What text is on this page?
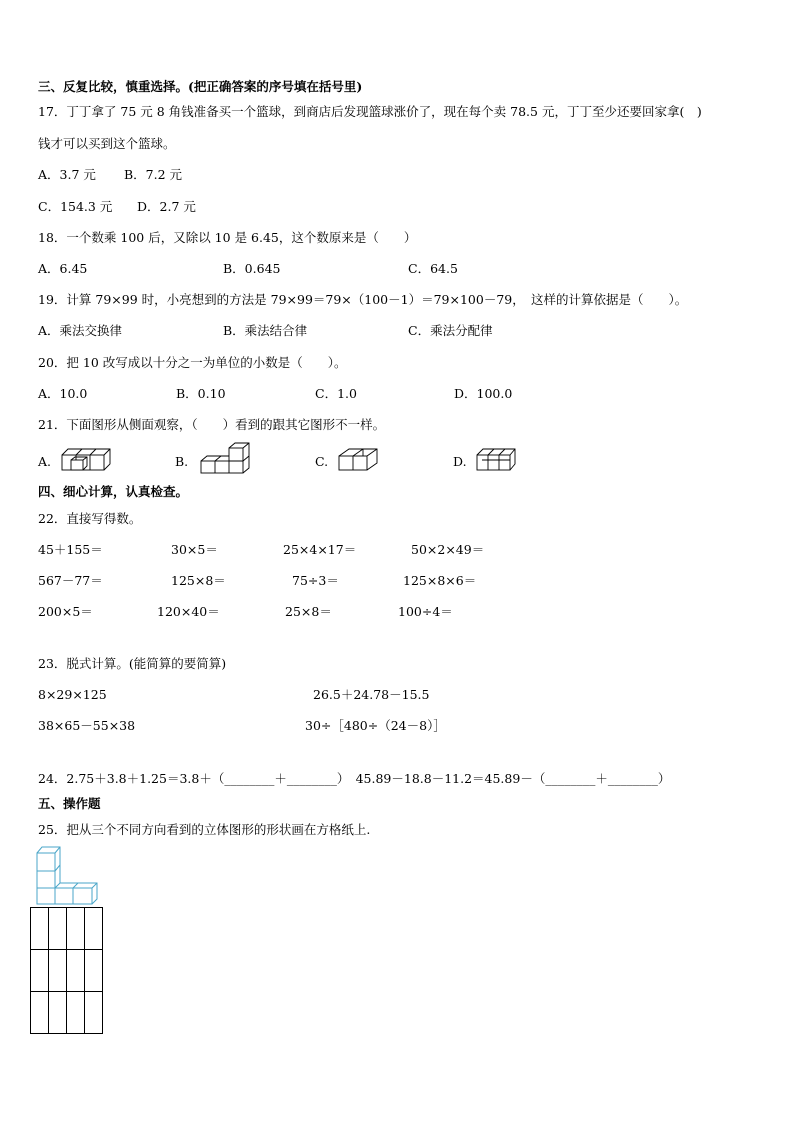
三、反复比较，慎重选择。(把正确答案的序号填在括号里)
17．丁丁拿了 75 元 8 角钱准备买一个篮球，到商店后发现篮球涨价了，现在每个卖 78.5 元，丁丁至少还要回家拿(　)
钱才可以买到这个篮球。
A．3.7 元 B．7.2 元
C．154.3 元 D．2.7 元
18．一个数乘 100 后，又除以 10 是 6.45，这个数原来是（　　）
A．6.45	B．0.645	C．64.5
19．计算 79×99 时，小亮想到的方法是 79×99＝79×（100－1）＝79×100－79，　这样的计算依据是（　　）。
A．乘法交换律	B．乘法结合律	C．乘法分配律
20．把 10 改写成以十分之一为单位的小数是（　　）。
A．10.0	B．0.10	C．1.0	D．100.0
21．下面图形从侧面观察，（　　）看到的跟其它图形不一样。
A.	B.	C.	D.
四、细心计算，认真检查。
22．直接写得数。
45＋155＝	30×5＝	25×4×17＝	50×2×49＝
567－77＝	125×8＝	75÷3＝	125×8×6＝
200×5＝	120×40＝	25×8＝	100÷4＝
23．脱式计算。(能简算的要简算)
8×29×125	26.5＋24.78－15.5
38×65－55×38	30÷［480÷（24－8）］
24．2.75＋3.8＋1.25＝3.8＋（________＋________）　45.89－18.8－11.2＝45.89－（________＋________）
五、操作题
25．把从三个不同方向看到的立体图形的形状画在方格纸上.
